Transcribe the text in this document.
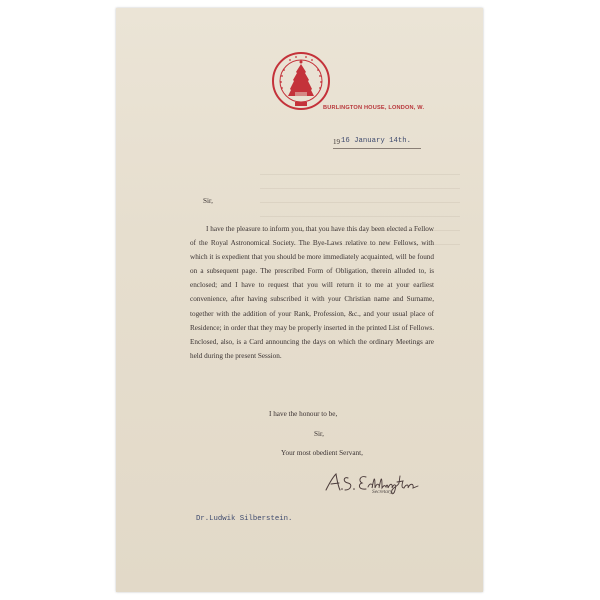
BURLINGTON HOUSE, LONDON, W.
19 16 January 14th.
Sir,

I have the pleasure to inform you, that you have this day been elected a Fellow of the Royal Astronomical Society. The Bye-Laws relative to new Fellows, with which it is expedient that you should be more immediately acquainted, will be found on a subsequent page. The prescribed Form of Obligation, therein alluded to, is enclosed; and I have to request that you will return it to me at your earliest convenience, after having subscribed it with your Christian name and Surname, together with the addition of your Rank, Profession, &c., and your usual place of Residence; in order that they may be properly inserted in the printed List of Fellows. Enclosed, also, is a Card announcing the days on which the ordinary Meetings are held during the present Session.

I have the honour to be,
Sir,
Your most obedient Servant,
Secretary.
Dr.Ludwik Silberstein.
